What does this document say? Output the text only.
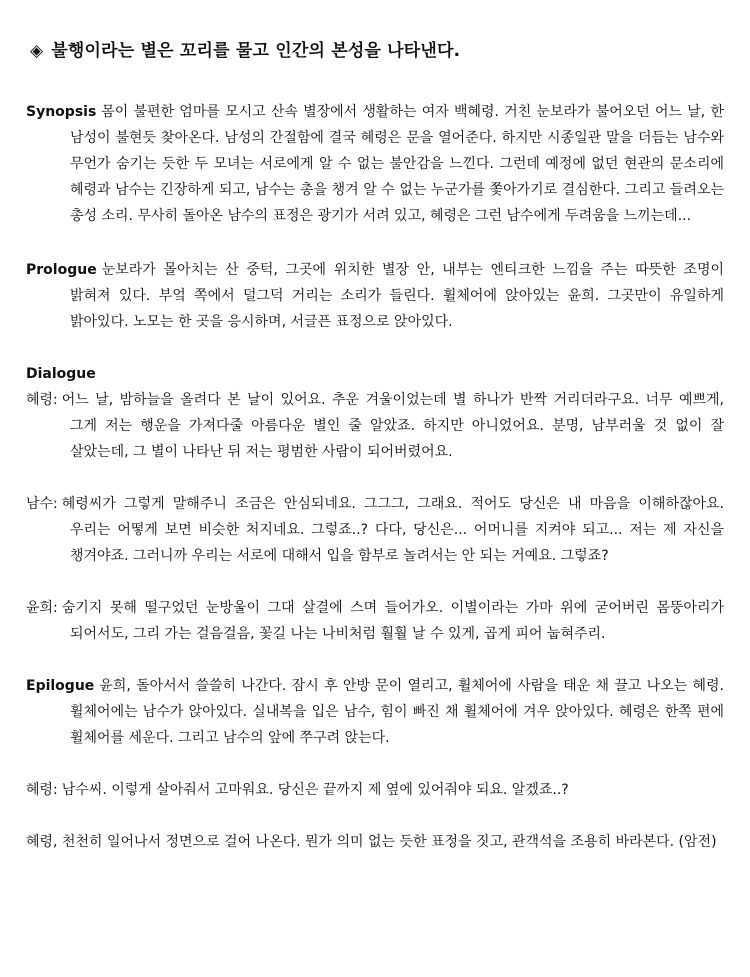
◈ 불행이라는 별은 꼬리를 물고 인간의 본성을 나타낸다.
Synopsis 몸이 불편한 엄마를 모시고 산속 별장에서 생활하는 여자 백혜령. 거친 눈보라가 불어오던 어느 날, 한 남성이 불현듯 찾아온다. 남성의 간절함에 결국 혜령은 문을 열어준다. 하지만 시종일관 말을 더듬는 남수와 무언가 숨기는 듯한 두 모녀는 서로에게 알 수 없는 불안감을 느낀다. 그런데 예정에 없던 현관의 문소리에 혜령과 남수는 긴장하게 되고, 남수는 총을 챙겨 알 수 없는 누군가를 쫓아가기로 결심한다. 그리고 들려오는 총성 소리. 무사히 돌아온 남수의 표정은 광기가 서려 있고, 혜령은 그런 남수에게 두려움을 느끼는데...
Prologue 눈보라가 몰아치는 산 중턱, 그곳에 위치한 별장 안, 내부는 엔티크한 느낌을 주는 따뜻한 조명이 밝혀져 있다. 부엌 쪽에서 덜그덕 거리는 소리가 들린다. 휠체어에 앉아있는 윤희. 그곳만이 유일하게 밝아있다. 노모는 한 곳을 응시하며, 서글픈 표정으로 앉아있다.
Dialogue
혜령: 어느 날, 밤하늘을 올려다 본 날이 있어요. 추운 겨울이었는데 별 하나가 반짝 거리더라구요. 너무 예쁘게, 그게 저는 행운을 가져다줄 아름다운 별인 줄 알았죠. 하지만 아니었어요. 분명, 남부러울 것 없이 잘 살았는데, 그 별이 나타난 뒤 저는 평범한 사람이 되어버렸어요.
남수: 혜령씨가 그렇게 말해주니 조금은 안심되네요. 그그그, 그래요. 적어도 당신은 내 마음을 이해하잖아요. 우리는 어떻게 보면 비슷한 처지네요. 그렇죠..? 다다, 당신은... 어머니를 지켜야 되고... 저는 제 자신을 챙겨야죠. 그러니까 우리는 서로에 대해서 입을 함부로 놀려서는 안 되는 거예요. 그렇죠?
윤희: 숨기지 못해 떨구었던 눈방울이 그대 살결에 스며 들어가오. 이별이라는 가마 위에 굳어버린 몸뚱아리가 되어서도, 그리 가는 걸음걸음, 꽃길 나는 나비처럼 훨훨 날 수 있게, 곱게 피어 눕혀주리.
Epilogue 윤희, 돌아서서 쓸쓸히 나간다. 잠시 후 안방 문이 열리고, 휠체어에 사람을 태운 채 끌고 나오는 혜령. 휠체어에는 남수가 앉아있다. 실내복을 입은 남수, 힘이 빠진 채 휠체어에 겨우 앉아있다. 혜령은 한쪽 편에 휠체어를 세운다. 그리고 남수의 앞에 쭈구려 앉는다.
혜령: 남수씨. 이렇게 살아줘서 고마워요. 당신은 끝까지 제 옆에 있어줘야 되요. 알겠죠..?
혜령, 천천히 일어나서 정면으로 걸어 나온다. 뭔가 의미 없는 듯한 표정을 짓고, 관객석을 조용히 바라본다. (암전)
